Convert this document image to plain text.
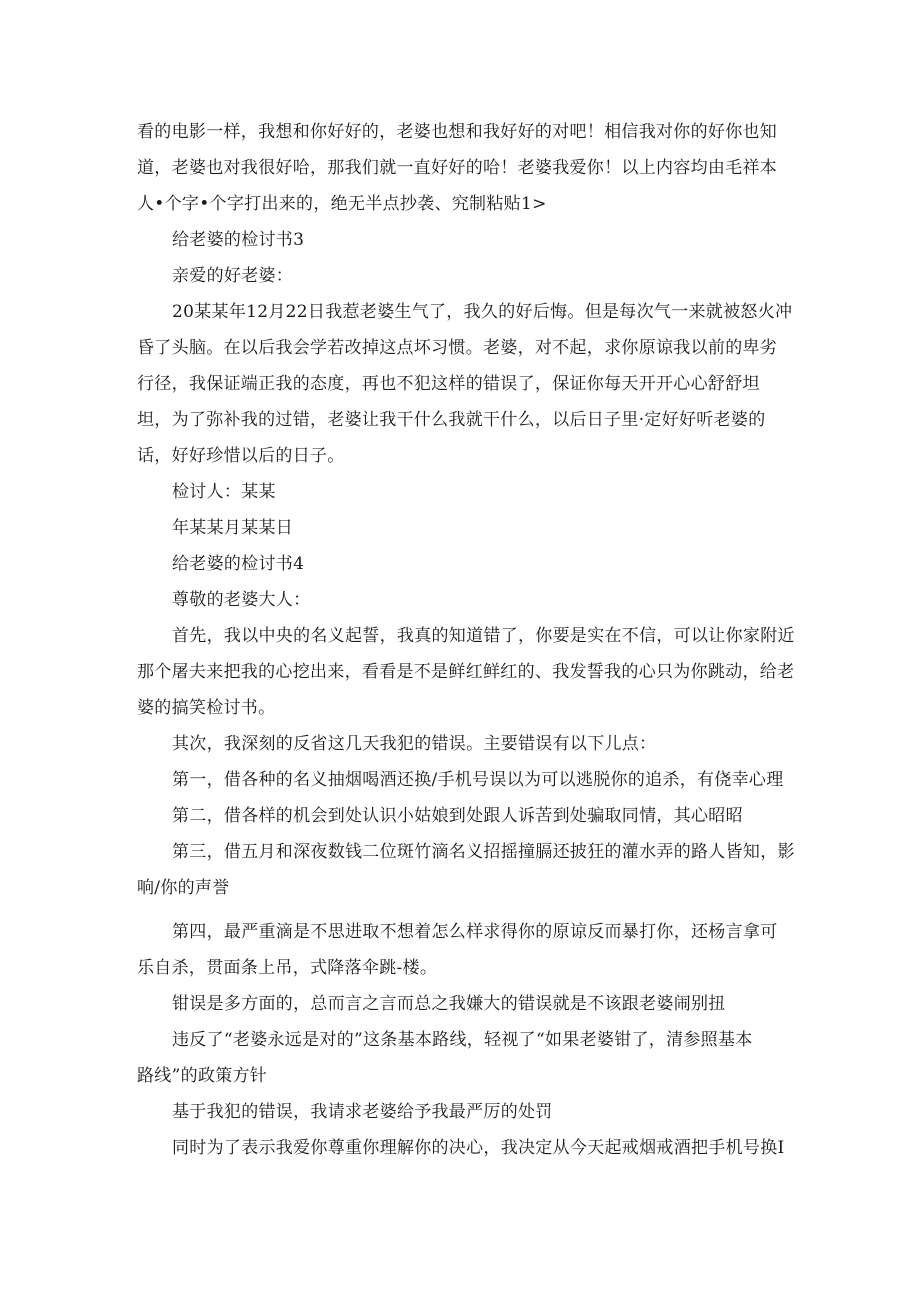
看的电影一样，我想和你好好的，老婆也想和我好好的对吧！相信我对你的好你也知
道，老婆也对我很好哈，那我们就一直好好的哈！老婆我爱你！以上内容均由毛祥本
人•个字•个字打出来的，绝无半点抄袭、究制粘贴1>
给老婆的检讨书3
亲爱的好老婆：
20某某年12月22日我惹老婆生气了，我久的好后悔。但是每次气一来就被怒火冲
昏了头脑。在以后我会学若改掉这点坏习惯。老婆，对不起，求你原谅我以前的卑劣
行径，我保证端正我的态度，再也不犯这样的错误了，保证你每天开开心心舒舒坦
坦，为了弥补我的过错，老婆让我干什么我就干什么，以后日子里·定好好听老婆的
话，好好珍惜以后的日子。
检讨人：某某
年某某月某某日
给老婆的检讨书4
尊敬的老婆大人：
首先，我以中央的名义起誓，我真的知道错了，你要是实在不信，可以让你家附近
那个屠夫来把我的心挖出来，看看是不是鲜红鲜红的、我发誓我的心只为你跳动，给老
婆的搞笑检讨书。
其次，我深刻的反省这几天我犯的错误。主要错误有以下儿点：
第一，借各种的名义抽烟喝酒还换/手机号误以为可以逃脱你的追杀，有侥幸心理
第二，借各样的机会到处认识小姑娘到处跟人诉苦到处骗取同情，其心昭昭
第三，借五月和深夜数钱二位斑竹滴名义招摇撞膈还披狂的灌水弄的路人皆知，影
响/你的声誉
第四，最严重滴是不思进取不想着怎么样求得你的原谅反而暴打你，还杨言拿可
乐自杀，贯面条上吊，式降落伞跳-楼。
钳误是多方面的，总而言之言而总之我嫌大的错误就是不该跟老婆闹别扭
违反了“老婆永远是对的”这条基本路线，轻视了“如果老婆钳了，清参照基本
路线”的政策方针
基于我犯的错误，我请求老婆给予我最严厉的处罚
同时为了表示我爱你尊重你理解你的决心，我决定从今天起戒烟戒酒把手机号换I
